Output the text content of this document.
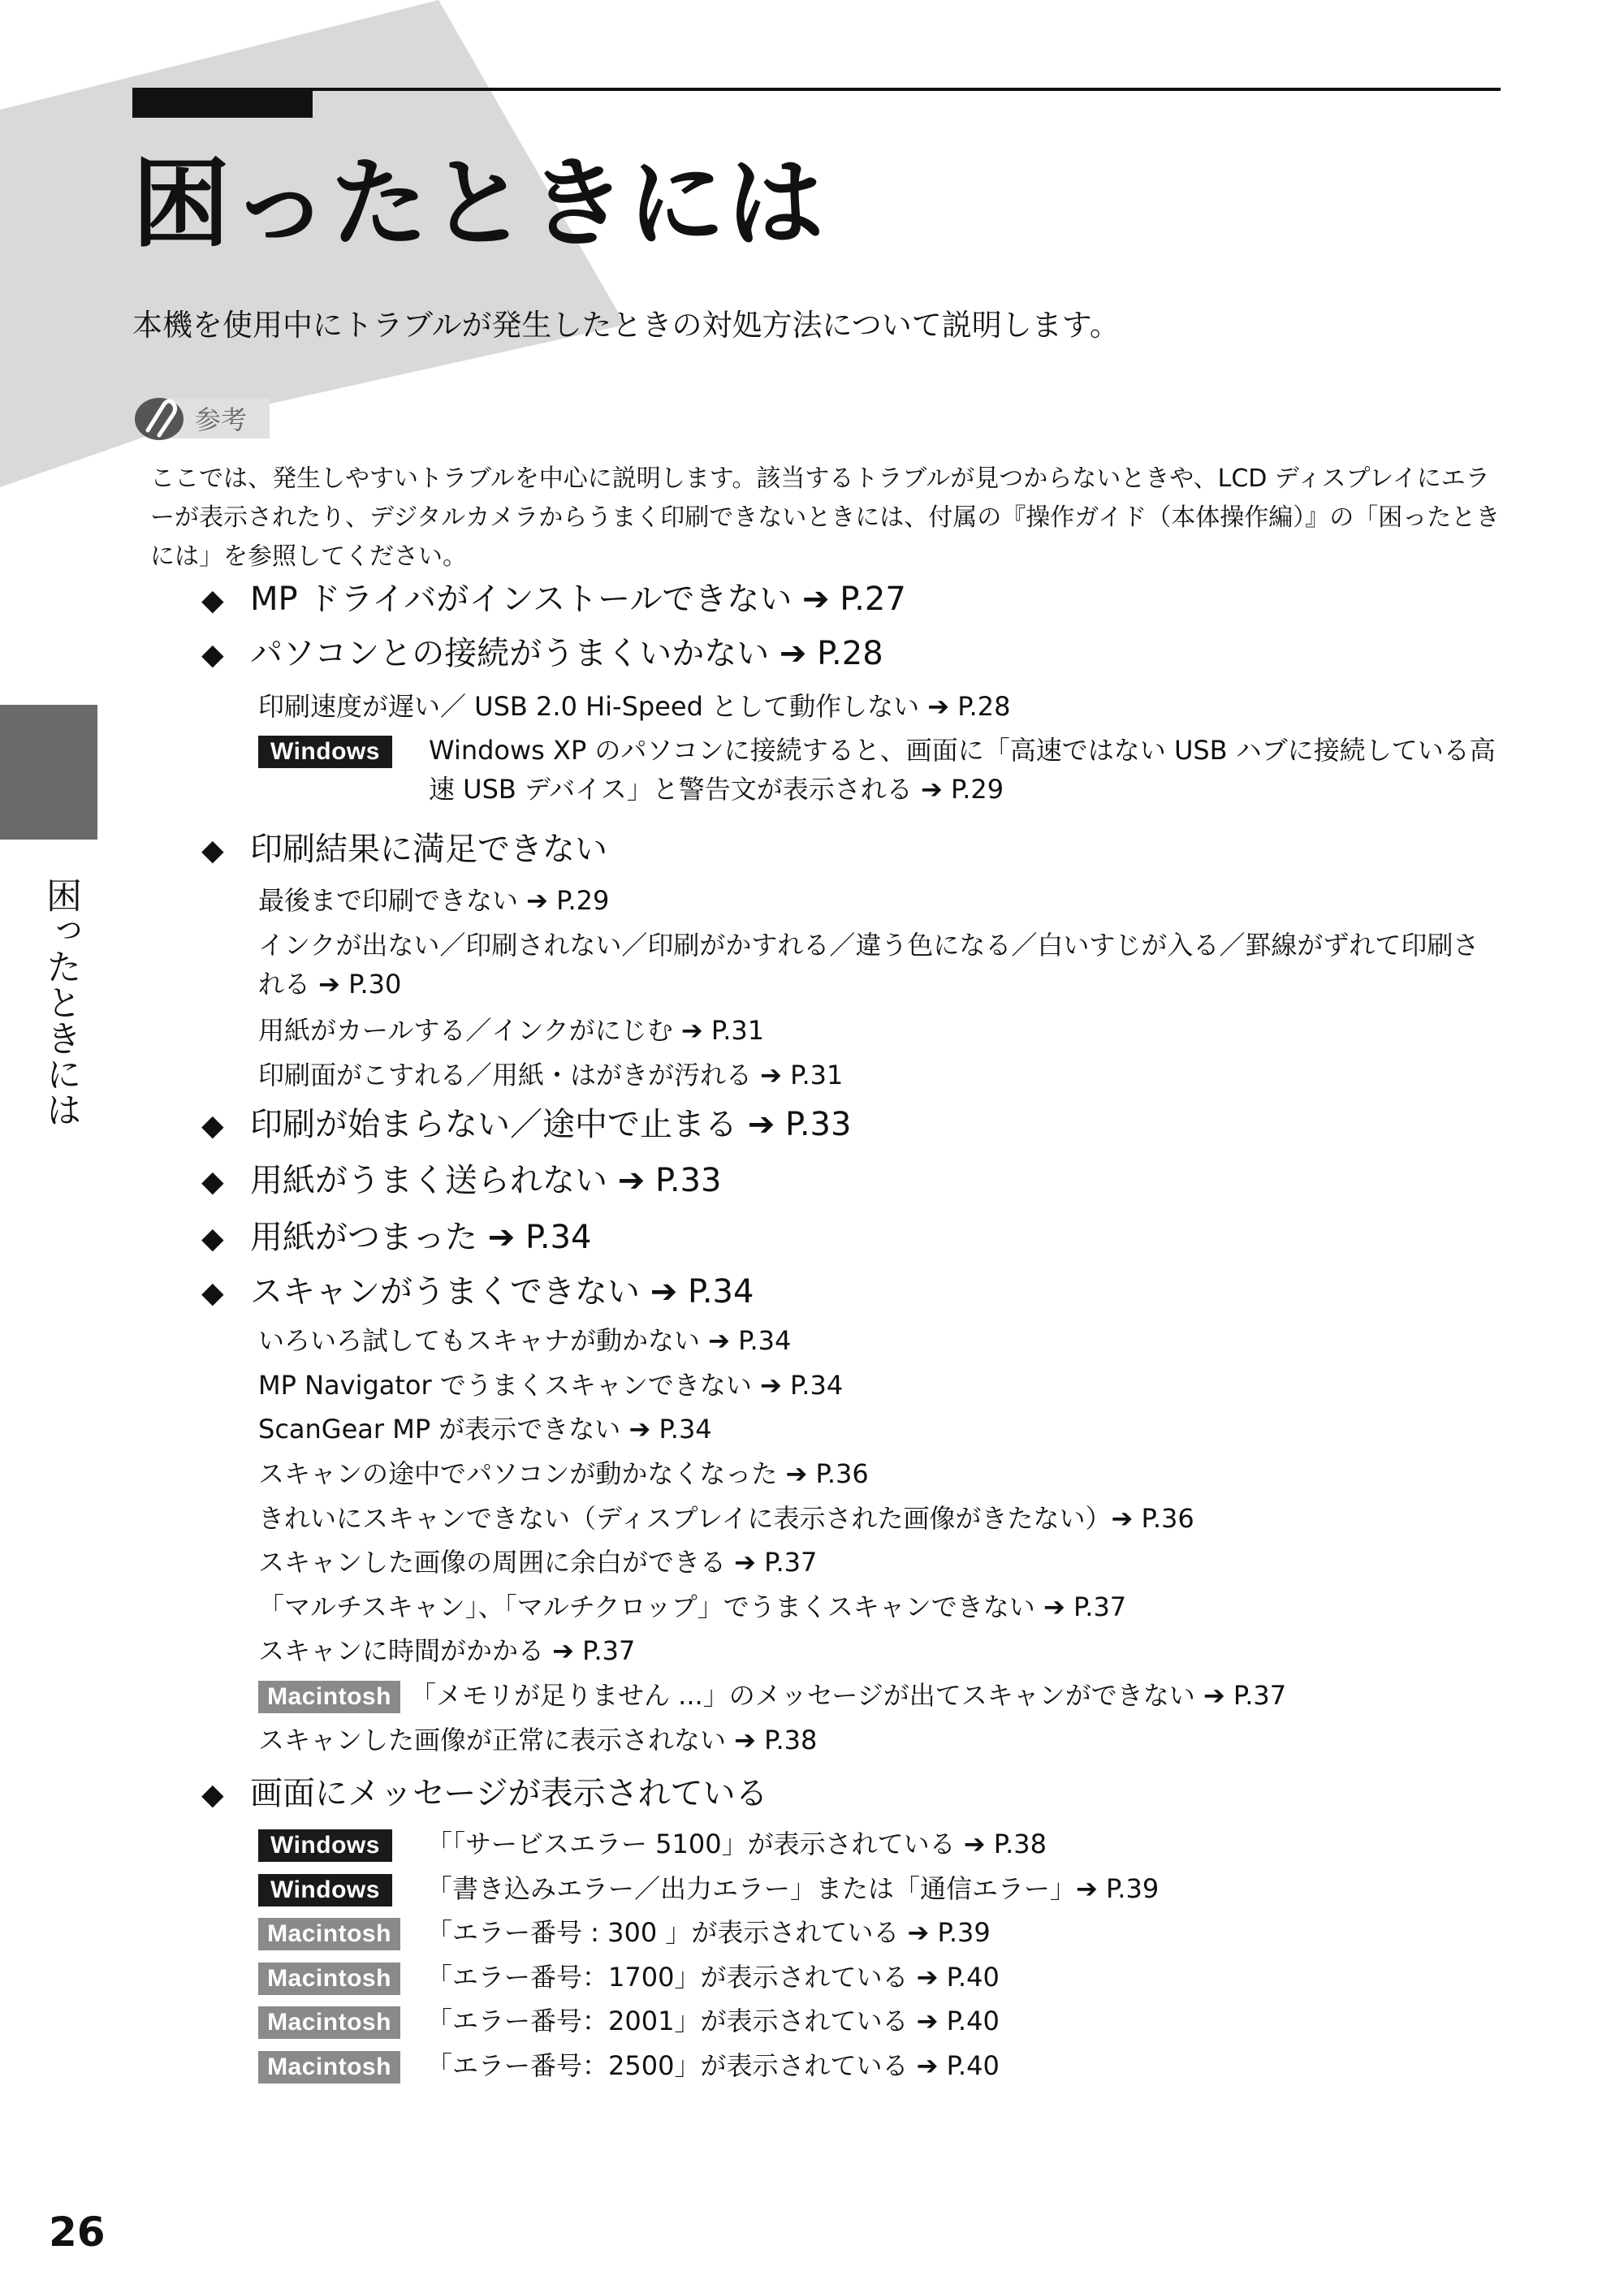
困ったときには
本機を使用中にトラブルが発生したときの対処方法について説明します。
参考
ここでは、発生しやすいトラブルを中心に説明します。該当するトラブルが見つからないときや、LCD ディスプレイにエラーが表示されたり、デジタルカメラからうまく印刷できないときには、付属の『操作ガイド（本体操作編）』の「困ったときには」を参照してください。
困ったときには
◆ MP ドライバがインストールできない ➔ P.27
◆ パソコンとの接続がうまくいかない ➔ P.28
印刷速度が遅い／ USB 2.0 Hi-Speed として動作しない ➔ P.28
Windows	Windows XP のパソコンに接続すると、画面に「高速ではない USB ハブに接続している高速 USB デバイス」と警告文が表示される ➔ P.29
◆ 印刷結果に満足できない
最後まで印刷できない ➔ P.29
インクが出ない／印刷されない／印刷がかすれる／違う色になる／白いすじが入る／罫線がずれて印刷される ➔ P.30
用紙がカールする／インクがにじむ ➔ P.31
印刷面がこすれる／用紙・はがきが汚れる ➔ P.31
◆ 印刷が始まらない／途中で止まる ➔ P.33
◆ 用紙がうまく送られない ➔ P.33
◆ 用紙がつまった ➔ P.34
◆ スキャンがうまくできない ➔ P.34
いろいろ試してもスキャナが動かない ➔ P.34
MP Navigator でうまくスキャンできない ➔ P.34
ScanGear MP が表示できない ➔ P.34
スキャンの途中でパソコンが動かなくなった ➔ P.36
きれいにスキャンできない（ディスプレイに表示された画像がきたない）➔ P.36
スキャンした画像の周囲に余白ができる ➔ P.37
「マルチスキャン」、「マルチクロップ」でうまくスキャンできない ➔ P.37
スキャンに時間がかかる ➔ P.37
Macintosh 「メモリが足りません ...」のメッセージが出てスキャンができない ➔ P.37
スキャンした画像が正常に表示されない ➔ P.38
◆ 画面にメッセージが表示されている
Windows 「「サービスエラー 5100」が表示されている ➔ P.38
Windows 「書き込みエラー／出力エラー」または「通信エラー」➔ P.39
Macintosh 「エラー番号 : 300 」が表示されている ➔ P.39
Macintosh 「エラー番号：1700」が表示されている ➔ P.40
Macintosh 「エラー番号：2001」が表示されている ➔ P.40
Macintosh 「エラー番号：2500」が表示されている ➔ P.40
26
